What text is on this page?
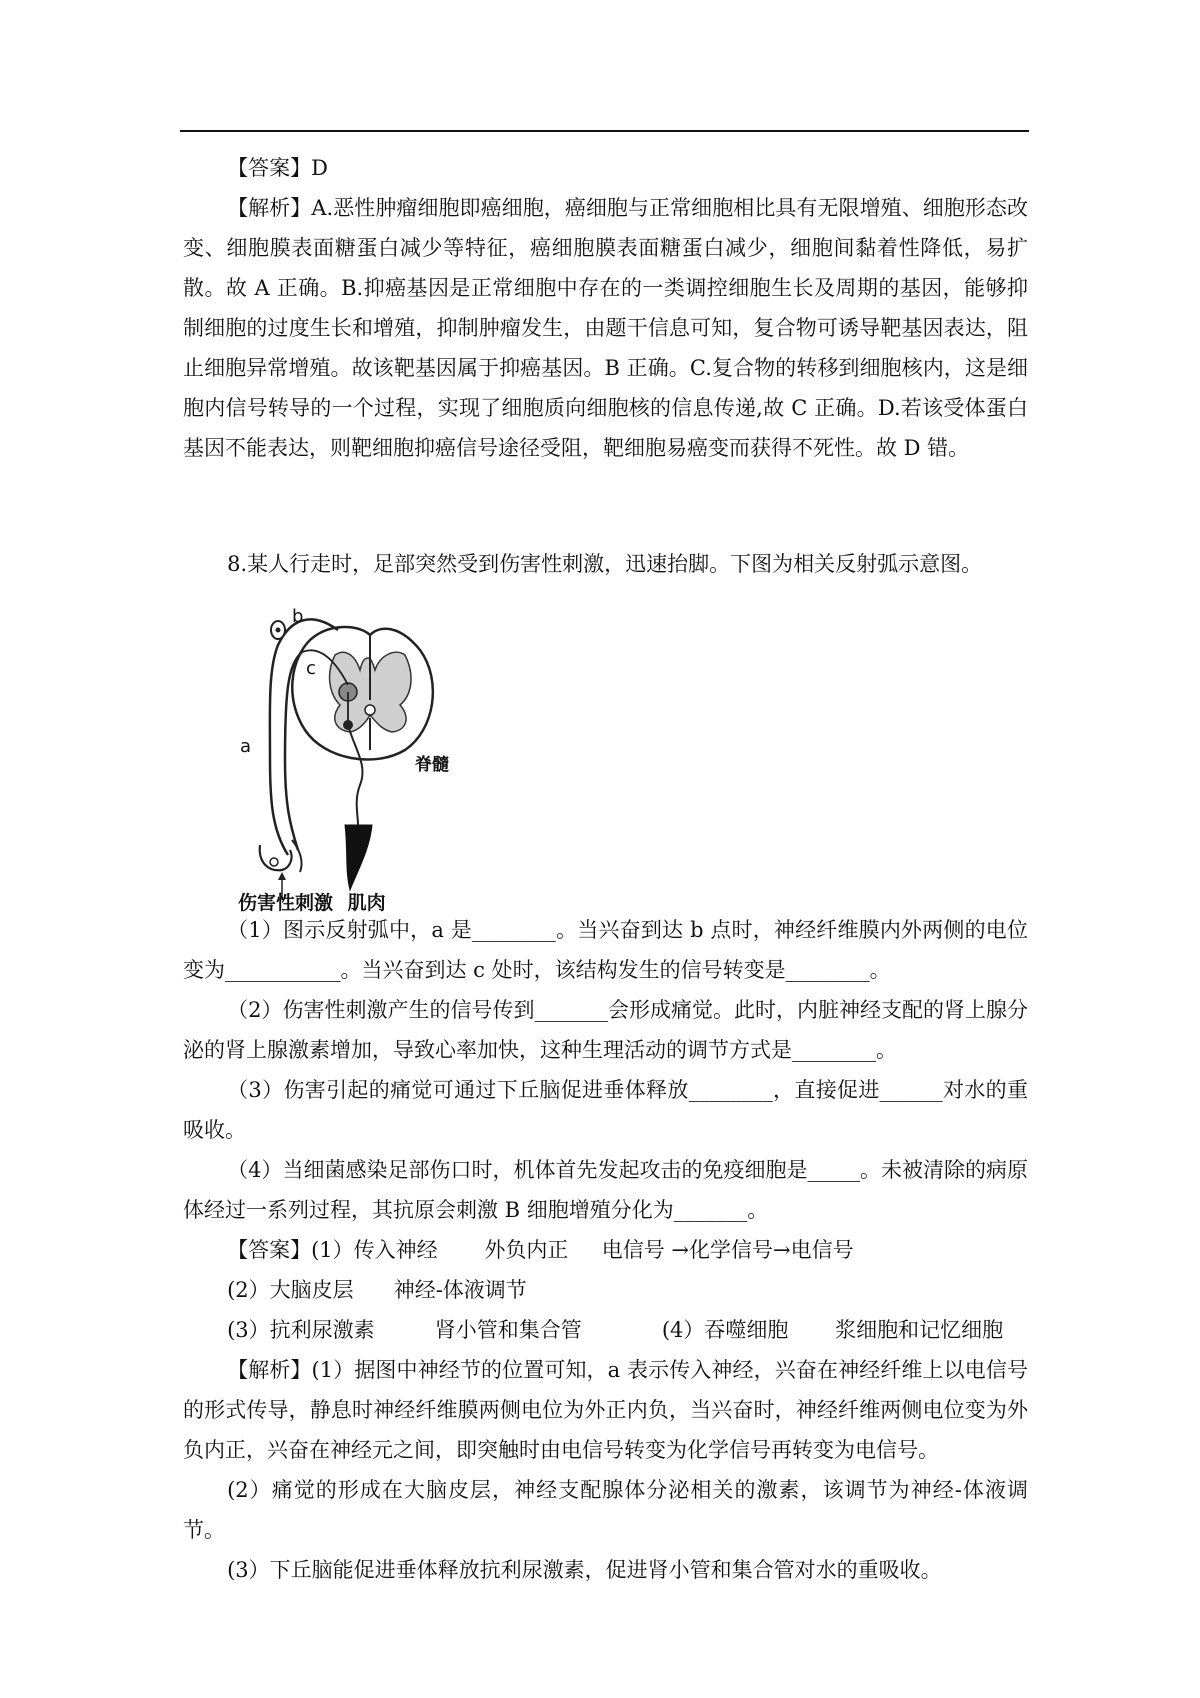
【答案】D

【解析】A.恶性肿瘤细胞即癌细胞，癌细胞与正常细胞相比具有无限增殖、细胞形态改变、细胞膜表面糖蛋白减少等特征，癌细胞膜表面糖蛋白减少，细胞间黏着性降低，易扩散。故 A 正确。B.抑癌基因是正常细胞中存在的一类调控细胞生长及周期的基因，能够抑制细胞的过度生长和增殖，抑制肿瘤发生，由题干信息可知，复合物可诱导靶基因表达，阻止细胞异常增殖。故该靶基因属于抑癌基因。B 正确。C.复合物的转移到细胞核内，这是细胞内信号转导的一个过程，实现了细胞质向细胞核的信息传递,故 C 正确。D.若该受体蛋白基因不能表达，则靶细胞抑癌信号途径受阻，靶细胞易癌变而获得不死性。故 D 错。

8.某人行走时，足部突然受到伤害性刺激，迅速抬脚。下图为相关反射弧示意图。

b
c
a
脊髓
伤害性刺激 肌肉

（1）图示反射弧中，a 是________。当兴奋到达 b 点时，神经纤维膜内外两侧的电位变为___________。当兴奋到达 c 处时，该结构发生的信号转变是________。

（2）伤害性刺激产生的信号传到_______会形成痛觉。此时，内脏神经支配的肾上腺分泌的肾上腺激素增加，导致心率加快，这种生理活动的调节方式是________。

（3）伤害引起的痛觉可通过下丘脑促进垂体释放________，直接促进______对水的重吸收。

（4）当细菌感染足部伤口时，机体首先发起攻击的免疫细胞是_____。未被清除的病原体经过一系列过程，其抗原会刺激 B 细胞增殖分化为_______。

【答案】(1）传入神经       外负内正     电信号 →化学信号→电信号

(2）大脑皮层      神经-体液调节

(3）抗利尿激素         肾小管和集合管            (4）吞噬细胞       浆细胞和记忆细胞

【解析】(1）据图中神经节的位置可知，a 表示传入神经，兴奋在神经纤维上以电信号的形式传导，静息时神经纤维膜两侧电位为外正内负，当兴奋时，神经纤维两侧电位变为外负内正，兴奋在神经元之间，即突触时由电信号转变为化学信号再转变为电信号。

(2）痛觉的形成在大脑皮层，神经支配腺体分泌相关的激素，该调节为神经-体液调节。

(3）下丘脑能促进垂体释放抗利尿激素，促进肾小管和集合管对水的重吸收。
